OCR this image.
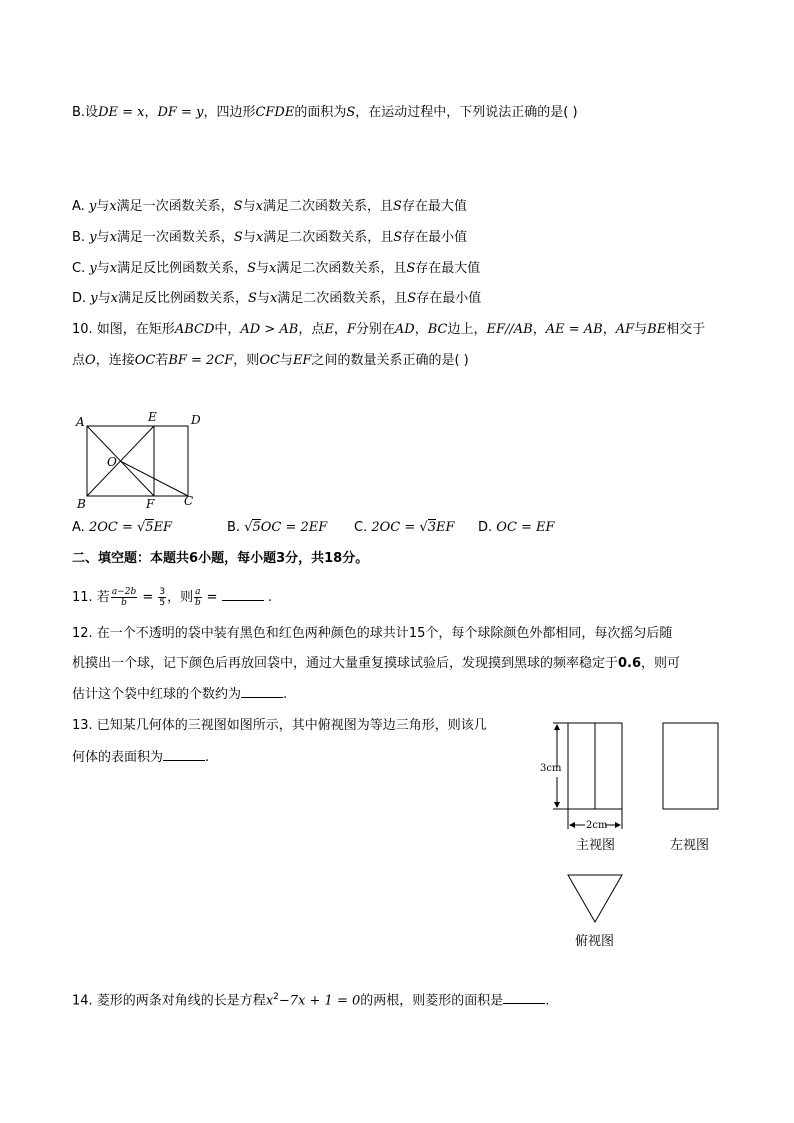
B.设DE = x，DF = y，四边形CFDE的面积为S，在运动过程中，下列说法正确的是( )
A. y与x满足一次函数关系，S与x满足二次函数关系，且S存在最大值
B. y与x满足一次函数关系，S与x满足二次函数关系，且S存在最小值
C. y与x满足反比例函数关系，S与x满足二次函数关系，且S存在最大值
D. y与x满足反比例函数关系，S与x满足二次函数关系，且S存在最小值
10. 如图，在矩形ABCD中，AD > AB，点E，F分别在AD，BC边上，EF//AB，AE = AB，AF与BE相交于
点O，连接OC若BF = 2CF，则OC与EF之间的数量关系正确的是( )
A	E	D
O
B	F C
A. 2OC = √5EF	B. √5OC = 2EF C. 2OC = √3EF D. OC = EF
二、填空题：本题共6小题，每小题3分，共18分。
11. 若 $\frac{a-2b}{b} = \frac{3}{5}$ ，则 $\frac{a}{b}$ =	.
12. 在一个不透明的袋中装有黑色和红色两种颜色的球共计15个，每个球除颜色外都相同，每次摇匀后随
机摸出一个球，记下颜色后再放回袋中，通过大量重复摸球试验后，发现摸到黑球的频率稳定于0.6，则可
估计这个袋中红球的个数约为	.
13. 已知某几何体的三视图如图所示，其中俯视图为等边三角形，则该几
何体的表面积为	.
3cm
2cm
主视图	左视图
俯视图
14. 菱形的两条对角线的长是方程$x^2-7x + 1 = 0$的两根，则菱形的面积是	.
